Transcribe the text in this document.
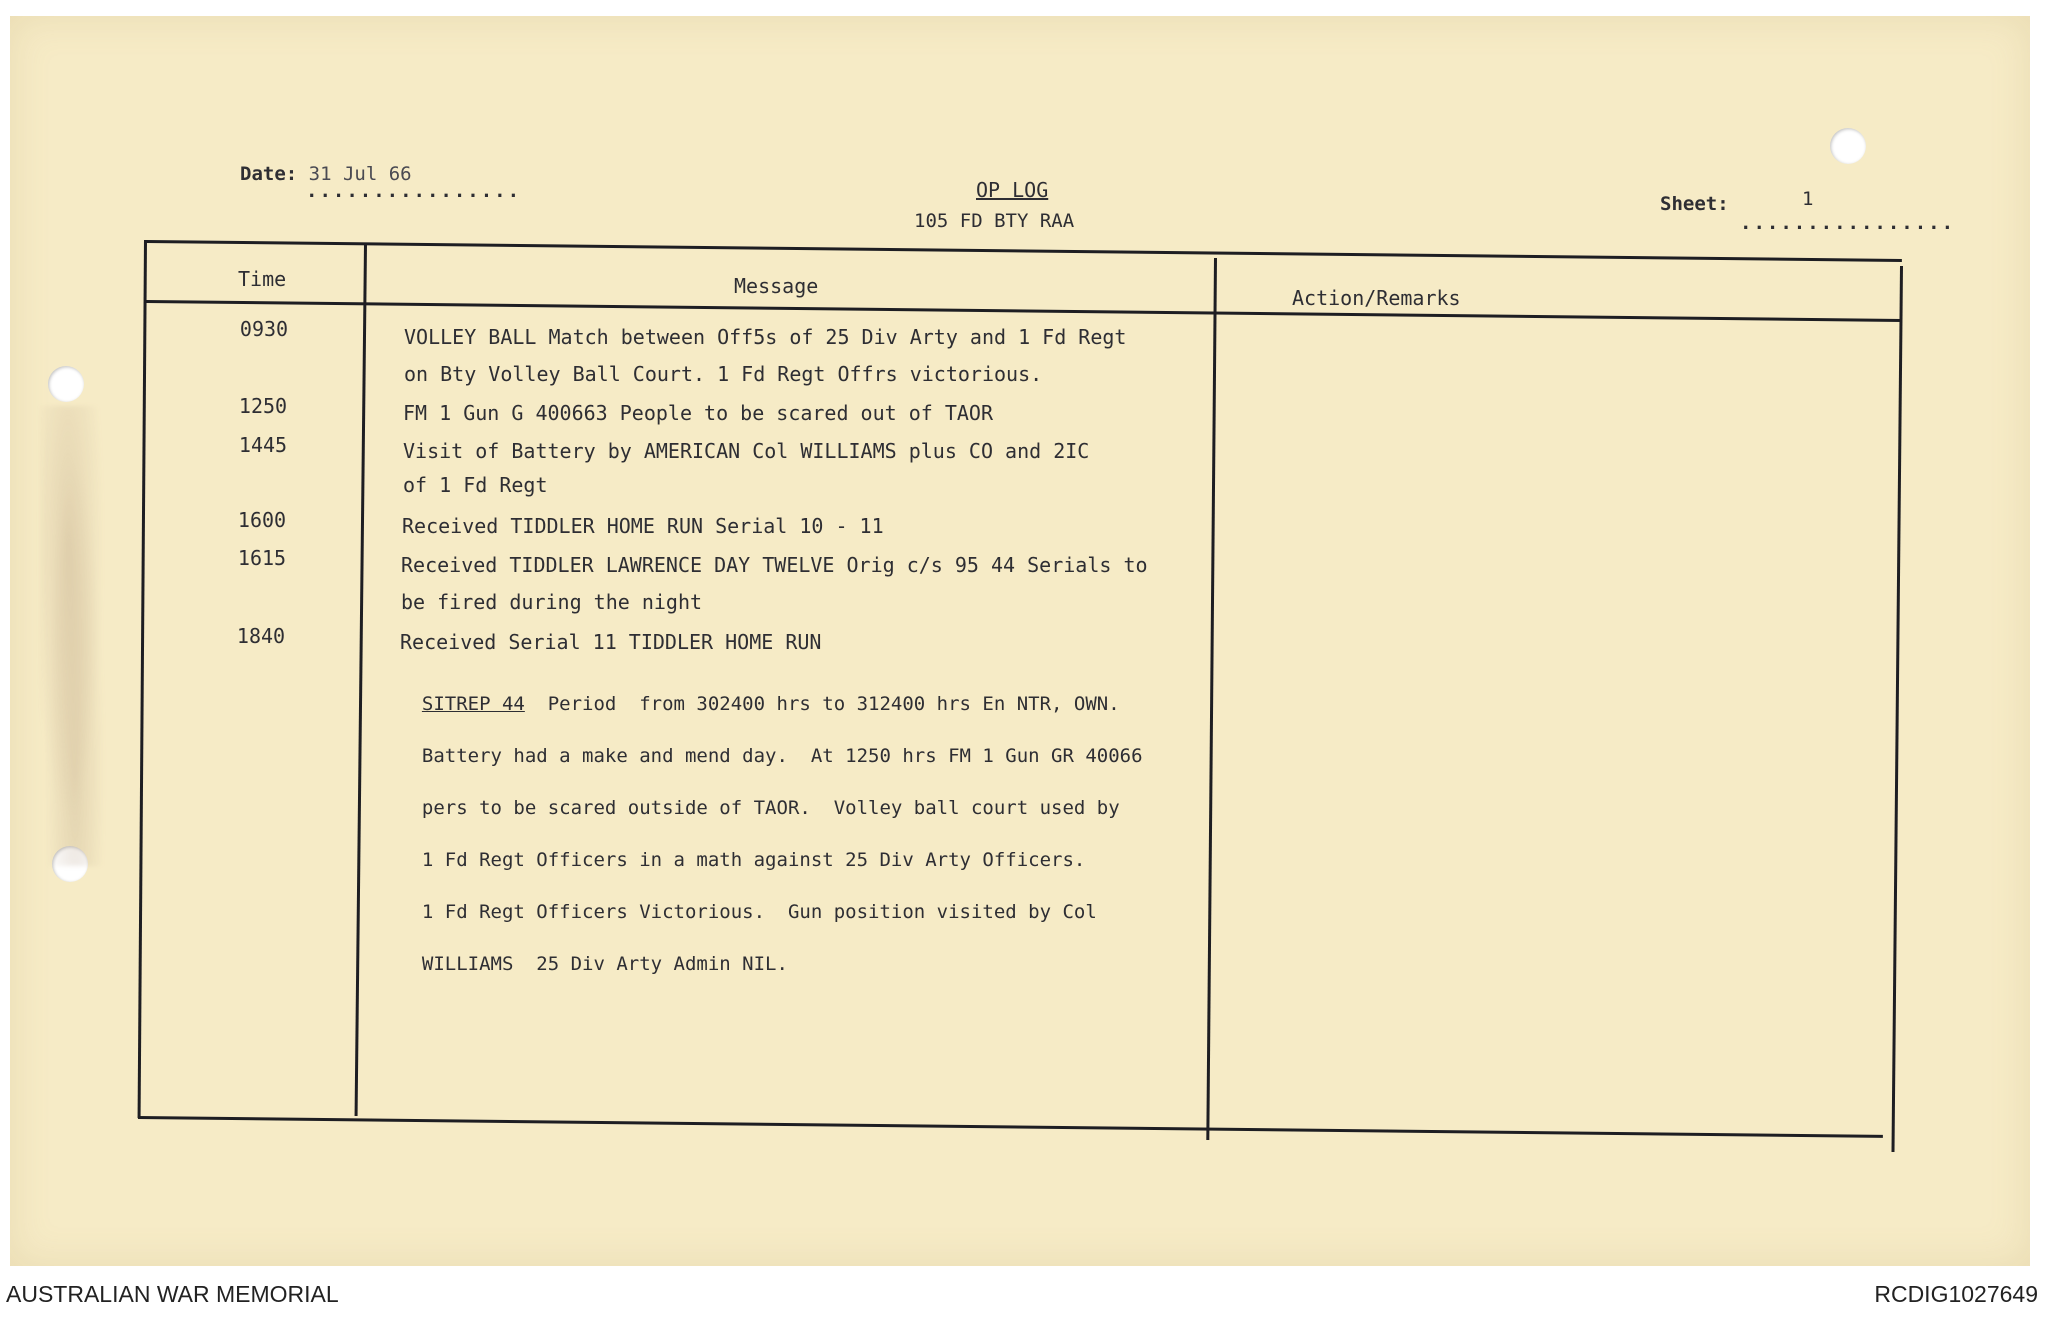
Date: 31 Jul 66
................	OP LOG
105 FD BTY RAA
Sheet:	1
................
Time	Message	Action/Remarks
0930	VOLLEY BALL Match between Off5s of 25 Div Arty and 1 Fd Regt
on Bty Volley Ball Court. 1 Fd Regt Offrs victorious.
1250	FM 1 Gun G 400663 People to be scared out of TAOR
1445	Visit of Battery by AMERICAN Col WILLIAMS plus CO and 2IC
of 1 Fd Regt
1600	Received TIDDLER HOME RUN Serial 10 - 11
1615	Received TIDDLER LAWRENCE DAY TWELVE Orig c/s 95 44 Serials to
be fired during the night
1840	Received Serial 11 TIDDLER HOME RUN

SITREP 44  Period  from 302400 hrs to 312400 hrs En NTR, OWN.

Battery had a make and mend day.  At 1250 hrs FM 1 Gun GR 40066

pers to be scared outside of TAOR.  Volley ball court used by

1 Fd Regt Officers in a math against 25 Div Arty Officers.

1 Fd Regt Officers Victorious.  Gun position visited by Col

WILLIAMS  25 Div Arty Admin NIL.

AUSTRALIAN WAR MEMORIAL	RCDIG1027649
